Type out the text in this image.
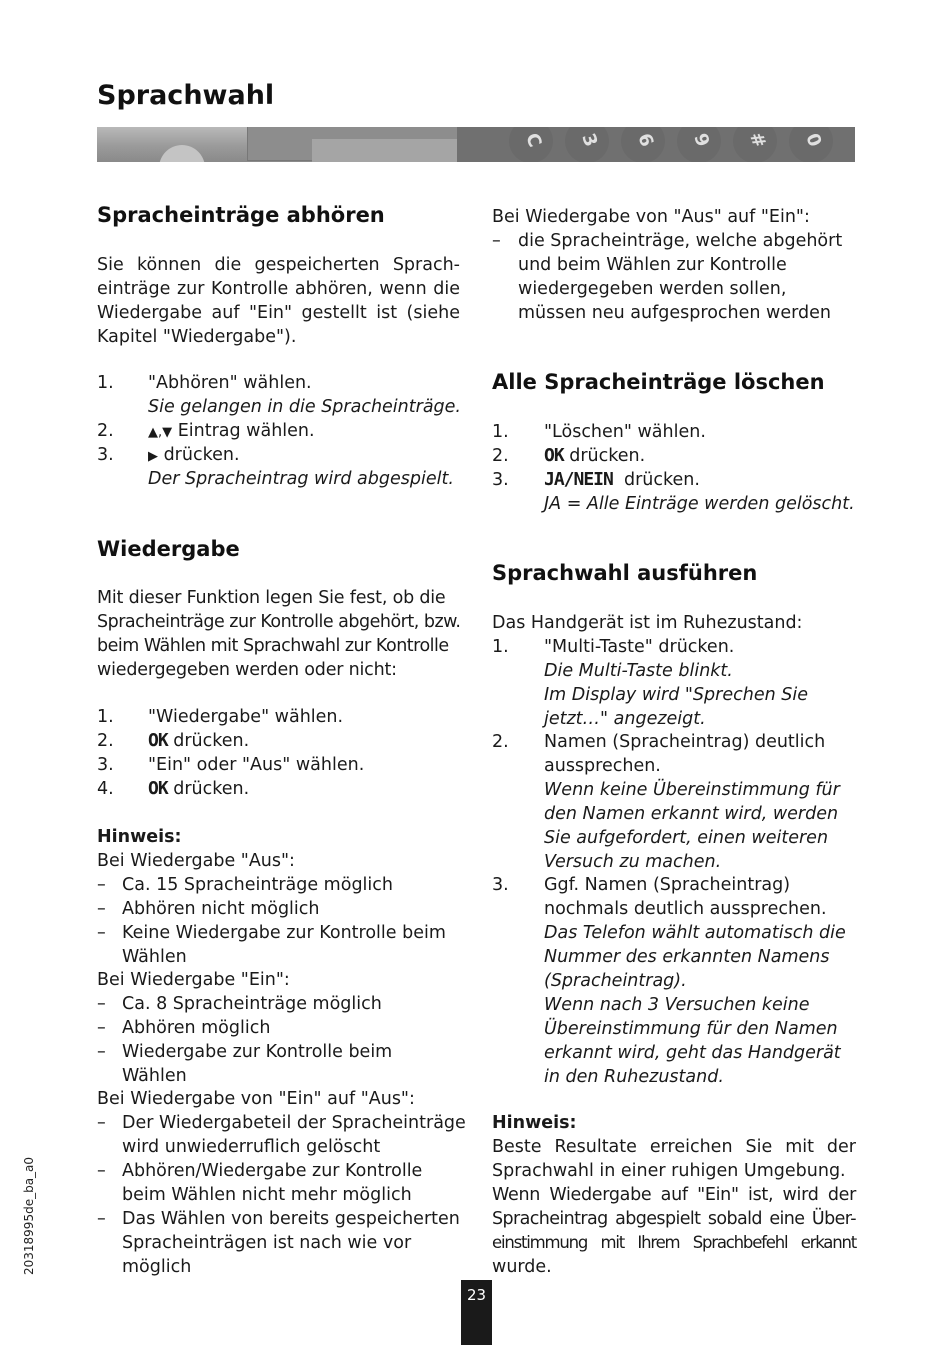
Sprachwahl
C	3	6	9	#	0
Spracheinträge abhören
Sie können die gespeicherten Sprach-
einträge zur Kontrolle abhören, wenn die
Wiedergabe auf "Ein" gestellt ist (siehe
Kapitel "Wiedergabe").
1. "Abhören" wählen.
Sie gelangen in die Spracheinträge.
2.	▲,▼ Eintrag wählen.
3.	▶ drücken.
Der Spracheintrag wird abgespielt.
Wiedergabe
Mit dieser Funktion legen Sie fest, ob die
Spracheinträge zur Kontrolle abgehört, bzw.
beim Wählen mit Sprachwahl zur Kontrolle
wiedergegeben werden oder nicht:
1. "Wiedergabe" wählen.
2. OK drücken.
3. "Ein" oder "Aus" wählen.
4. OK drücken.
Hinweis:
Bei Wiedergabe "Aus":
– Ca. 15 Spracheinträge möglich
– Abhören nicht möglich
– Keine Wiedergabe zur Kontrolle beim
Wählen
Bei Wiedergabe "Ein":
– Ca. 8 Spracheinträge möglich
– Abhören möglich
– Wiedergabe zur Kontrolle beim
Wählen
Bei Wiedergabe von "Ein" auf "Aus":
– Der Wiedergabeteil der Spracheinträge
wird unwiederruflich gelöscht
– Abhören/Wiedergabe zur Kontrolle
beim Wählen nicht mehr möglich
– Das Wählen von bereits gespeicherten
Spracheinträgen ist nach wie vor
möglich
Bei Wiedergabe von "Aus" auf "Ein":
– die Spracheinträge, welche abgehört
und beim Wählen zur Kontrolle
wiedergegeben werden sollen,
müssen neu aufgesprochen werden
Alle Spracheinträge löschen
1. "Löschen" wählen.
2. OK drücken.
3. JA/NEIN  drücken.
JA = Alle Einträge werden gelöscht.
Sprachwahl ausführen
Das Handgerät ist im Ruhezustand:
1. "Multi-Taste" drücken.
Die Multi-Taste blinkt.
Im Display wird "Sprechen Sie
jetzt…" angezeigt.
2. Namen (Spracheintrag) deutlich
aussprechen.
Wenn keine Übereinstimmung für
den Namen erkannt wird, werden
Sie aufgefordert, einen weiteren
Versuch zu machen.
3. Ggf. Namen (Spracheintrag)
nochmals deutlich aussprechen.
Das Telefon wählt automatisch die
Nummer des erkannten Namens
(Spracheintrag).
Wenn nach 3 Versuchen keine
Übereinstimmung für den Namen
erkannt wird, geht das Handgerät
in den Ruhezustand.
Hinweis:
Beste Resultate erreichen Sie mit der
Sprachwahl in einer ruhigen Umgebung.
Wenn Wiedergabe auf "Ein" ist, wird der
Spracheintrag abgespielt sobald eine Über-
einstimmung mit Ihrem Sprachbefehl erkannt
wurde.
20318995de_ba_a0
23
